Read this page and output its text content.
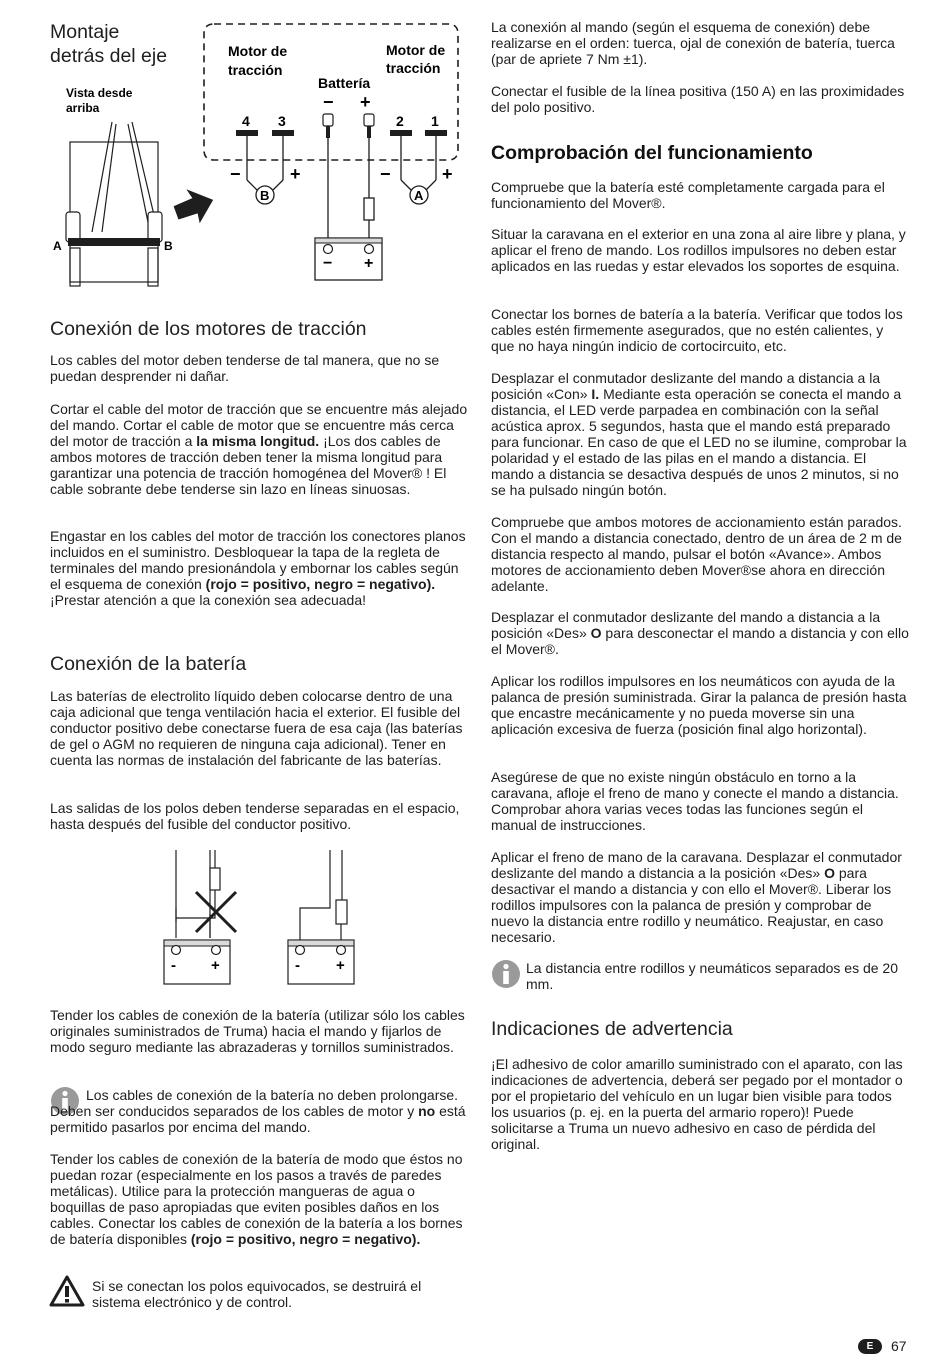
Montaje
detrás del eje
Vista desde
arriba
A	B
Motor de
tracción
Motor de
tracción
Battería
− +
4 3	2 1
−	+
B
−	+
A
− +
Conexión de los motores de tracción

Los cables del motor deben tenderse de tal manera, que no se puedan desprender ni dañar.

Cortar el cable del motor de tracción que se encuentre más alejado del mando. Cortar el cable de motor que se encuentre más cerca del motor de tracción a la misma longitud. ¡Los dos cables de ambos motores de tracción deben tener la misma longitud para garantizar una potencia de tracción homogénea del Mover® ! El cable sobrante debe tenderse sin lazo en líneas sinuosas.

Engastar en los cables del motor de tracción los conectores planos incluidos en el suministro. Desbloquear la tapa de la regleta de terminales del mando presionándola y embornar los cables según el esquema de conexión (rojo = positivo, negro = negativo). ¡Prestar atención a que la conexión sea adecuada!

Conexión de la batería

Las baterías de electrolito líquido deben colocarse dentro de una caja adicional que tenga ventilación hacia el exterior. El fusible del conductor positivo debe conectarse fuera de esa caja (las baterías de gel o AGM no requieren de ninguna caja adicional). Tener en cuenta las normas de instalación del fabricante de las baterías.

Las salidas de los polos deben tenderse separadas en el espacio, hasta después del fusible del conductor positivo.

- +	- +

Tender los cables de conexión de la batería (utilizar sólo los cables originales suministrados de Truma) hacia el mando y fijarlos de modo seguro mediante las abrazaderas y tornillos suministrados.

Los cables de conexión de la batería no deben prolongarse. Deben ser conducidos separados de los cables de motor y no está permitido pasarlos por encima del mando.

Tender los cables de conexión de la batería de modo que éstos no puedan rozar (especialmente en los pasos a través de paredes metálicas). Utilice para la protección mangueras de agua o boquillas de paso apropiadas que eviten posibles daños en los cables. Conectar los cables de conexión de la batería a los bornes de batería disponibles (rojo = positivo, negro = negativo).

Si se conectan los polos equivocados, se destruirá el sistema electrónico y de control.

La conexión al mando (según el esquema de conexión) debe realizarse en el orden: tuerca, ojal de conexión de batería, tuerca (par de apriete 7 Nm ±1).

Conectar el fusible de la línea positiva (150 A) en las proximidades del polo positivo.

Comprobación del funcionamiento

Compruebe que la batería esté completamente cargada para el funcionamiento del Mover®.

Situar la caravana en el exterior en una zona al aire libre y plana, y aplicar el freno de mando. Los rodillos impulsores no deben estar aplicados en las ruedas y estar elevados los soportes de esquina.

Conectar los bornes de batería a la batería. Verificar que todos los cables estén firmemente asegurados, que no estén calientes, y que no haya ningún indicio de cortocircuito, etc.

Desplazar el conmutador deslizante del mando a distancia a la posición «Con» I. Mediante esta operación se conecta el mando a distancia, el LED verde parpadea en combinación con la señal acústica aprox. 5 segundos, hasta que el mando está preparado para funcionar. En caso de que el LED no se ilumine, comprobar la polaridad y el estado de las pilas en el mando a distancia. El mando a distancia se desactiva después de unos 2 minutos, si no se ha pulsado ningún botón.

Compruebe que ambos motores de accionamiento están parados. Con el mando a distancia conectado, dentro de un área de 2 m de distancia respecto al mando, pulsar el botón «Avance». Ambos motores de accionamiento deben Mover®se ahora en dirección adelante.

Desplazar el conmutador deslizante del mando a distancia a la posición «Des» O para desconectar el mando a distancia y con ello el Mover®.

Aplicar los rodillos impulsores en los neumáticos con ayuda de la palanca de presión suministrada. Girar la palanca de presión hasta que encastre mecánicamente y no pueda moverse sin una aplicación excesiva de fuerza (posición final algo horizontal).

Asegúrese de que no existe ningún obstáculo en torno a la caravana, afloje el freno de mano y conecte el mando a distancia. Comprobar ahora varias veces todas las funciones según el manual de instrucciones.

Aplicar el freno de mano de la caravana. Desplazar el conmutador deslizante del mando a distancia a la posición «Des» O para desactivar el mando a distancia y con ello el Mover®. Liberar los rodillos impulsores con la palanca de presión y comprobar de nuevo la distancia entre rodillo y neumático. Reajustar, en caso necesario.

La distancia entre rodillos y neumáticos separados es de 20 mm.

Indicaciones de advertencia

¡El adhesivo de color amarillo suministrado con el aparato, con las indicaciones de advertencia, deberá ser pegado por el montador o por el propietario del vehículo en un lugar bien visible para todos los usuarios (p. ej. en la puerta del armario ropero)! Puede solicitarse a Truma un nuevo adhesivo en caso de pérdida del original.

E	67
